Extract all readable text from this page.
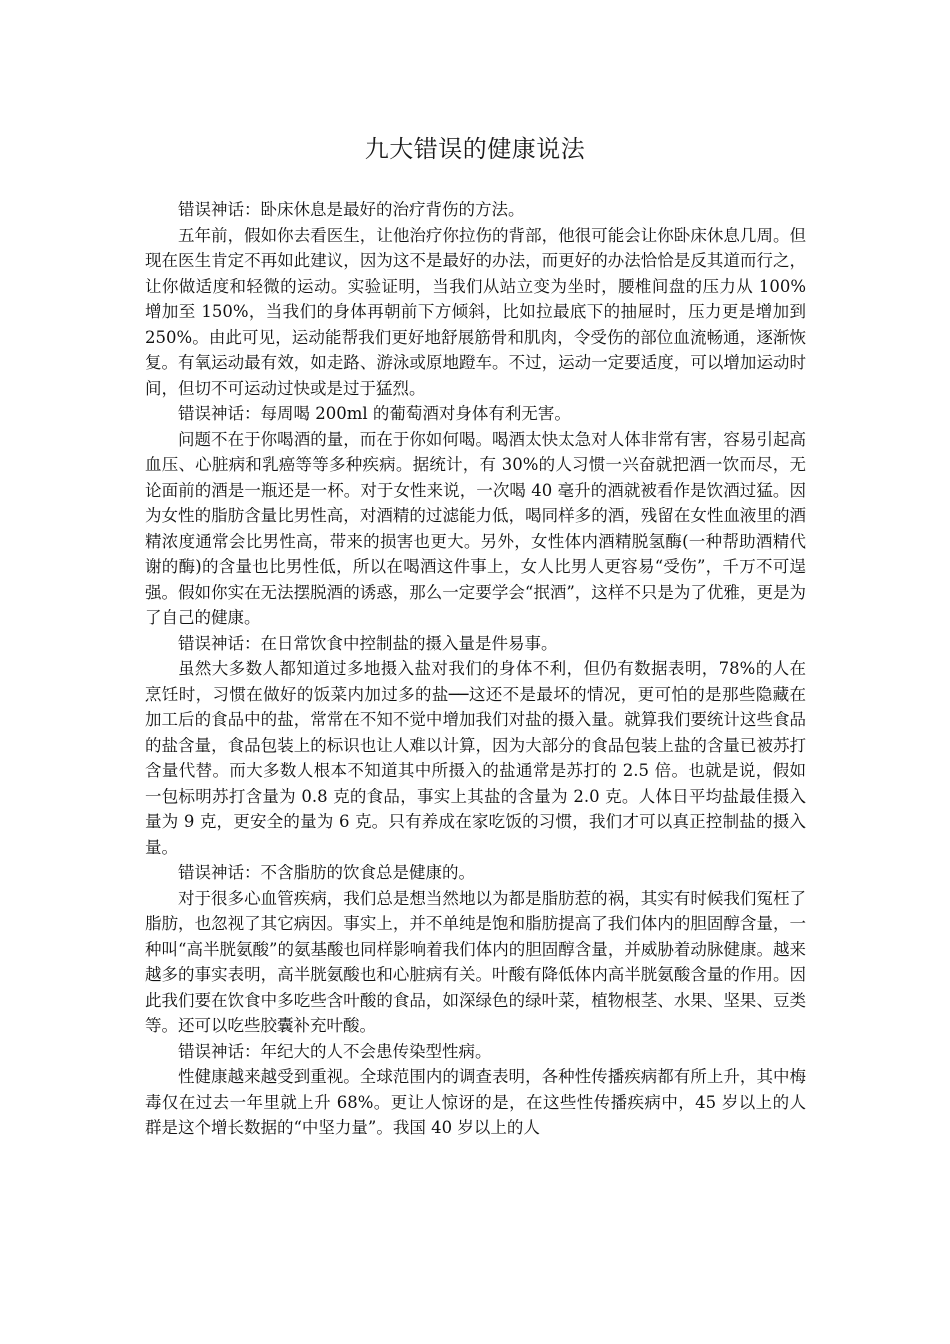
九大错误的健康说法

错误神话：卧床休息是最好的治疗背伤的方法。

五年前，假如你去看医生，让他治疗你拉伤的背部，他很可能会让你卧床休息几周。但现在医生肯定不再如此建议，因为这不是最好的办法，而更好的办法恰恰是反其道而行之，让你做适度和轻微的运动。实验证明，当我们从站立变为坐时，腰椎间盘的压力从 100%增加至 150%，当我们的身体再朝前下方倾斜，比如拉最底下的抽屉时，压力更是增加到 250%。由此可见，运动能帮我们更好地舒展筋骨和肌肉，令受伤的部位血流畅通，逐渐恢复。有氧运动最有效，如走路、游泳或原地蹬车。不过，运动一定要适度，可以增加运动时间，但切不可运动过快或是过于猛烈。

错误神话：每周喝 200ml 的葡萄酒对身体有利无害。

问题不在于你喝酒的量，而在于你如何喝。喝酒太快太急对人体非常有害，容易引起高血压、心脏病和乳癌等等多种疾病。据统计，有 30%的人习惯一兴奋就把酒一饮而尽，无论面前的酒是一瓶还是一杯。对于女性来说，一次喝 40 毫升的酒就被看作是饮酒过猛。因为女性的脂肪含量比男性高，对酒精的过滤能力低，喝同样多的酒，残留在女性血液里的酒精浓度通常会比男性高，带来的损害也更大。另外，女性体内酒精脱氢酶(一种帮助酒精代谢的酶)的含量也比男性低，所以在喝酒这件事上，女人比男人更容易“受伤”，千万不可逞强。假如你实在无法摆脱酒的诱惑，那么一定要学会“抿酒”，这样不只是为了优雅，更是为了自己的健康。

错误神话：在日常饮食中控制盐的摄入量是件易事。

虽然大多数人都知道过多地摄入盐对我们的身体不利，但仍有数据表明，78%的人在烹饪时，习惯在做好的饭菜内加过多的盐──这还不是最坏的情况，更可怕的是那些隐藏在加工后的食品中的盐，常常在不知不觉中增加我们对盐的摄入量。就算我们要统计这些食品的盐含量，食品包装上的标识也让人难以计算，因为大部分的食品包装上盐的含量已被苏打含量代替。而大多数人根本不知道其中所摄入的盐通常是苏打的 2.5 倍。也就是说，假如一包标明苏打含量为 0.8 克的食品，事实上其盐的含量为 2.0 克。人体日平均盐最佳摄入量为 9 克，更安全的量为 6 克。只有养成在家吃饭的习惯，我们才可以真正控制盐的摄入量。

错误神话：不含脂肪的饮食总是健康的。

对于很多心血管疾病，我们总是想当然地以为都是脂肪惹的祸，其实有时候我们冤枉了脂肪，也忽视了其它病因。事实上，并不单纯是饱和脂肪提高了我们体内的胆固醇含量，一种叫“高半胱氨酸”的氨基酸也同样影响着我们体内的胆固醇含量，并威胁着动脉健康。越来越多的事实表明，高半胱氨酸也和心脏病有关。叶酸有降低体内高半胱氨酸含量的作用。因此我们要在饮食中多吃些含叶酸的食品，如深绿色的绿叶菜，植物根茎、水果、坚果、豆类等。还可以吃些胶囊补充叶酸。

错误神话：年纪大的人不会患传染型性病。

性健康越来越受到重视。全球范围内的调查表明，各种性传播疾病都有所上升，其中梅毒仅在过去一年里就上升 68%。更让人惊讶的是，在这些性传播疾病中，45 岁以上的人群是这个增长数据的“中坚力量”。我国 40 岁以上的人
